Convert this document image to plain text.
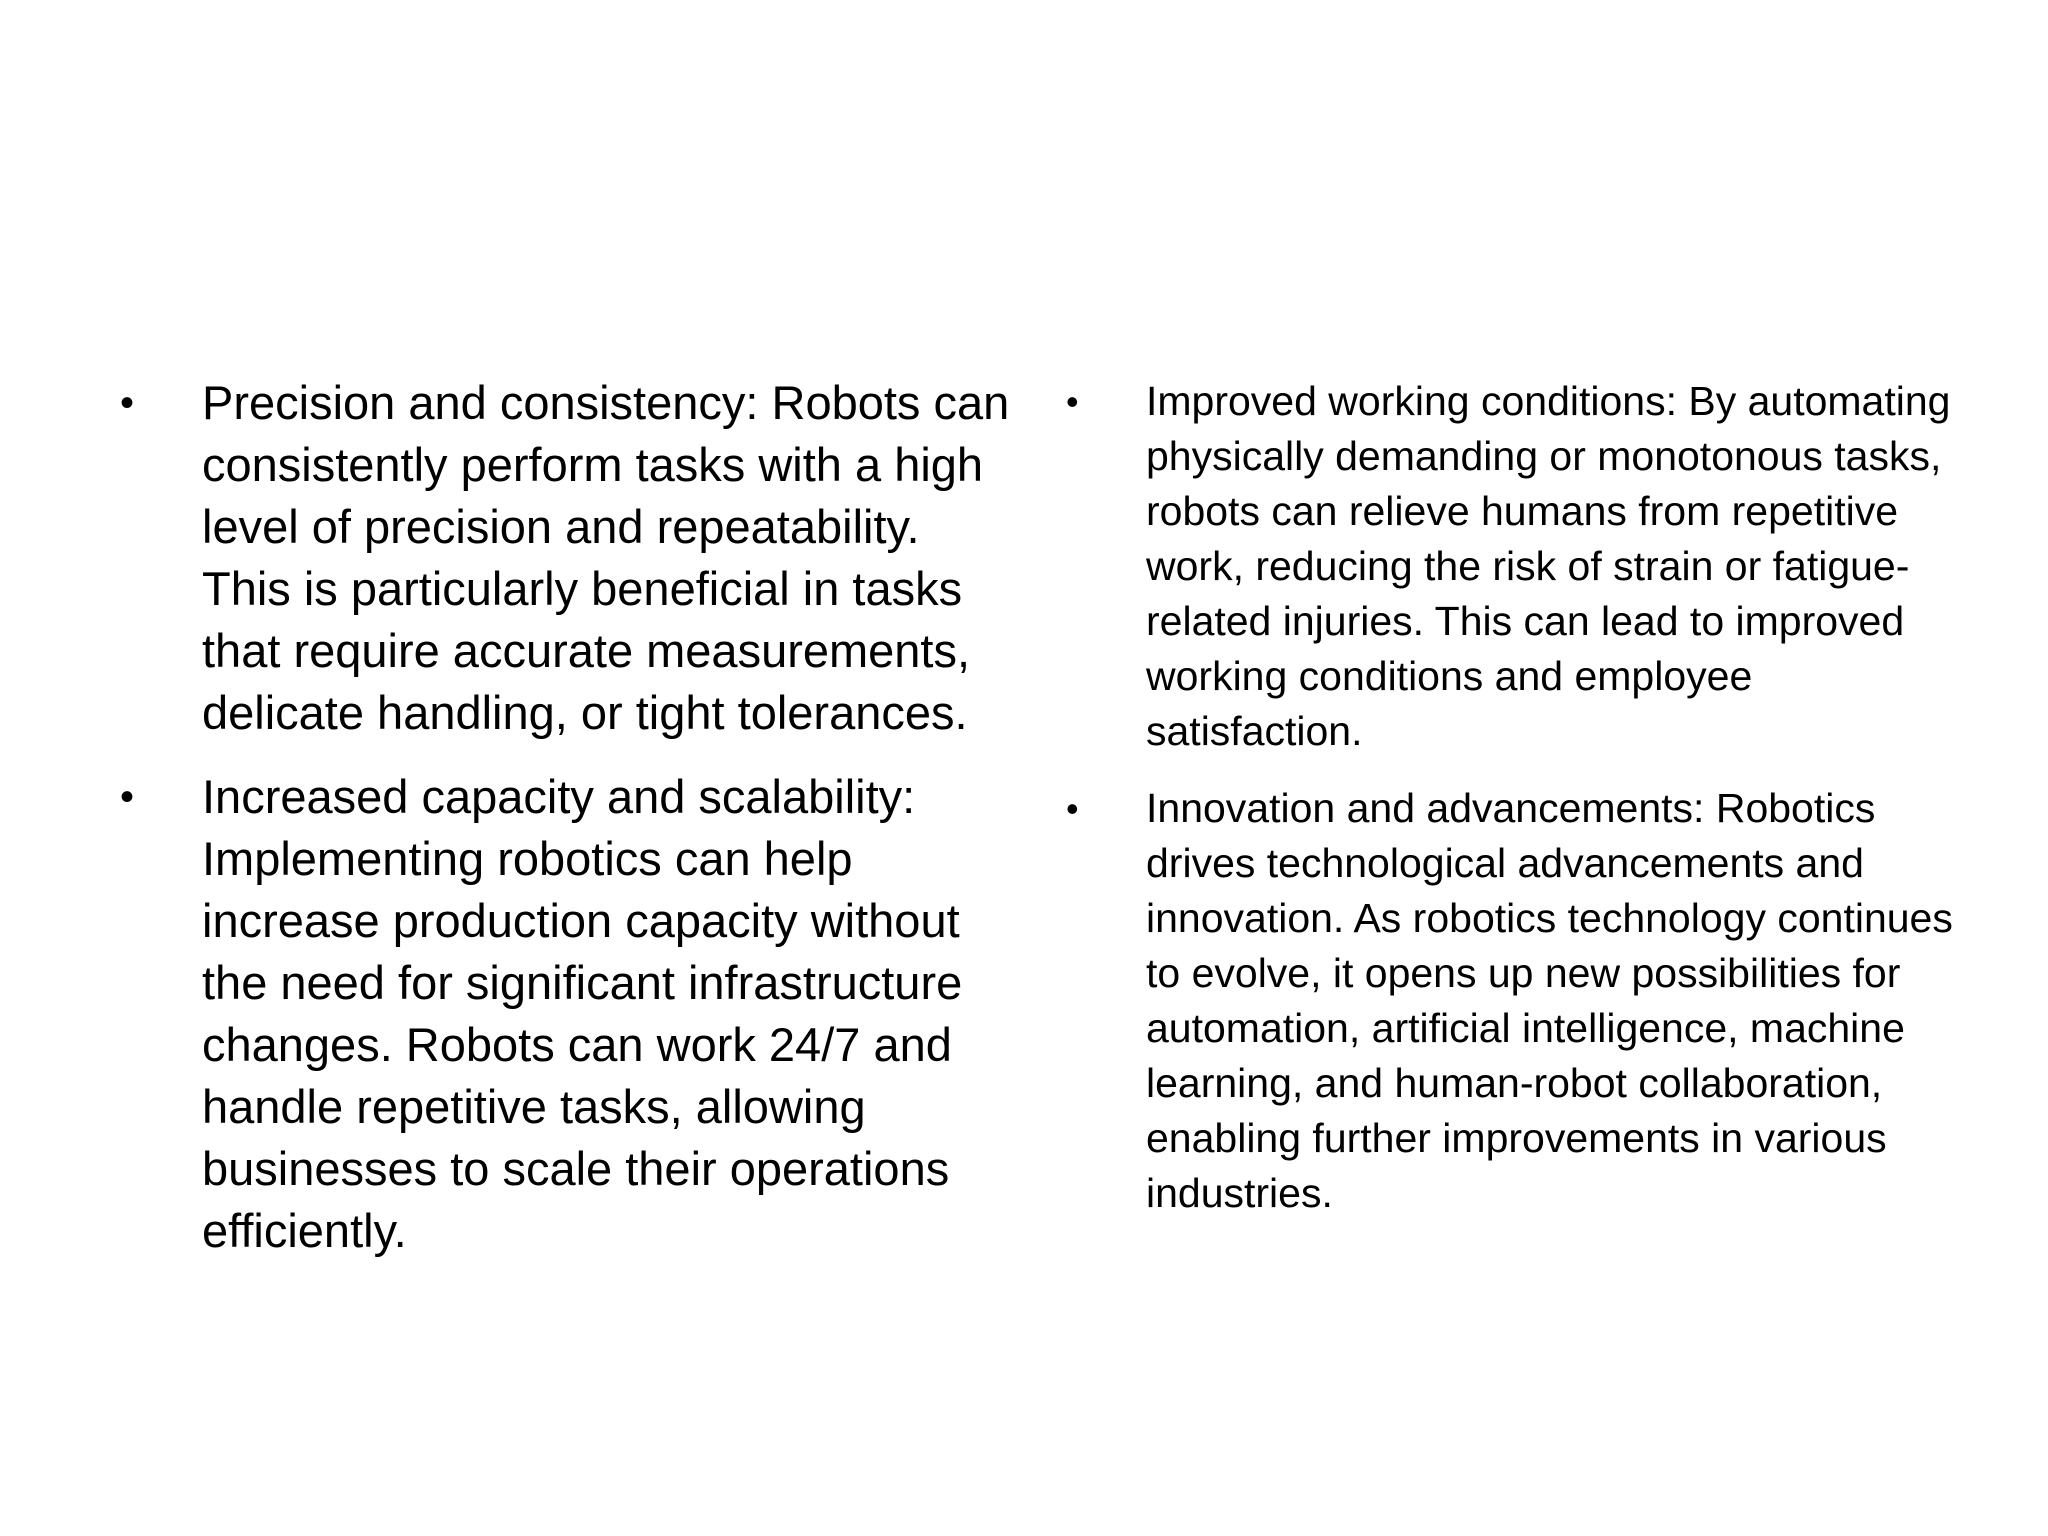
•	Precision and consistency: Robots can consistently perform tasks with a high level of precision and repeatability. This is particularly beneficial in tasks that require accurate measurements, delicate handling, or tight tolerances.
•	Increased capacity and scalability: Implementing robotics can help increase production capacity without the need for significant infrastructure changes. Robots can work 24/7 and handle repetitive tasks, allowing businesses to scale their operations efficiently.
•	Improved working conditions: By automating physically demanding or monotonous tasks, robots can relieve humans from repetitive work, reducing the risk of strain or fatigue-related injuries. This can lead to improved working conditions and employee satisfaction.
•	Innovation and advancements: Robotics drives technological advancements and innovation. As robotics technology continues to evolve, it opens up new possibilities for automation, artificial intelligence, machine learning, and human-robot collaboration, enabling further improvements in various industries.
